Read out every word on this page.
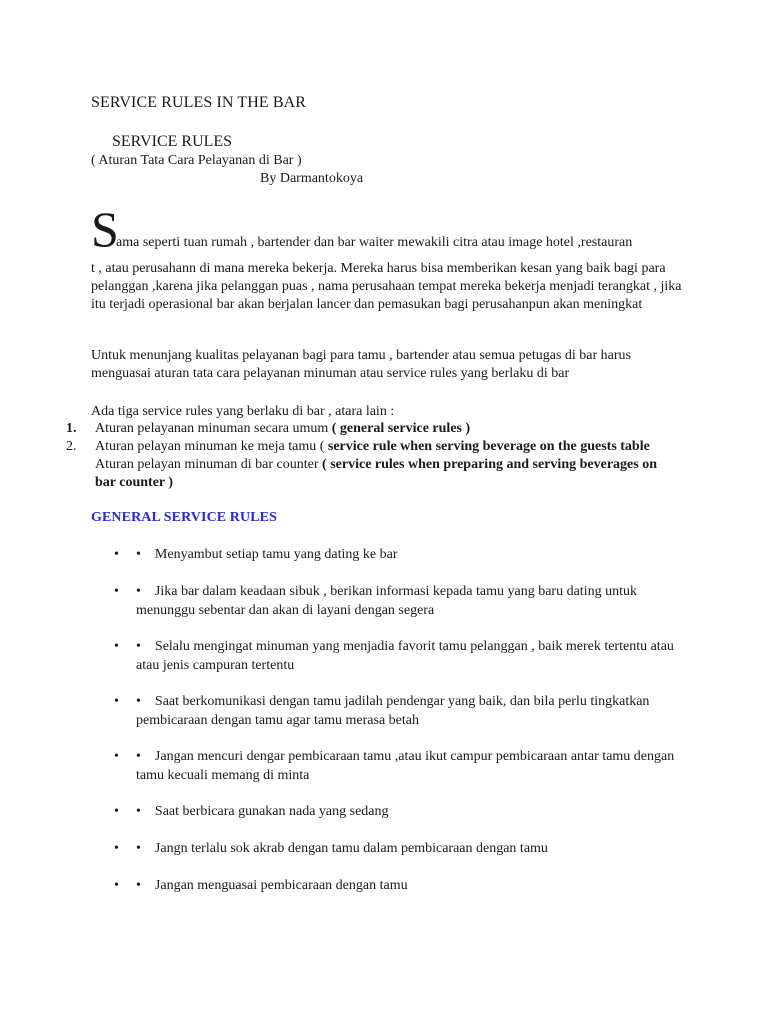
SERVICE RULES IN THE BAR
SERVICE RULES
( Aturan Tata Cara Pelayanan di Bar )
By Darmantokoya
S
ama seperti tuan rumah , bartender dan bar waiter mewakili citra atau image hotel ,restauran
t , atau perusahann di mana mereka bekerja. Mereka harus bisa memberikan kesan yang baik bagi para pelanggan ,karena jika pelanggan puas , nama perusahaan tempat mereka bekerja menjadi terangkat , jika itu terjadi operasional bar akan berjalan lancer dan pemasukan bagi perusahanpun akan meningkat
Untuk menunjang kualitas pelayanan bagi para tamu , bartender atau semua petugas di bar harus menguasai aturan tata cara pelayanan minuman atau service rules yang berlaku di bar
Ada tiga service rules yang berlaku di bar , atara lain :
1. Aturan pelayanan minuman secara umum ( general service rules )
2. Aturan pelayan minuman ke meja tamu ( service rule when serving beverage on the guests table Aturan pelayan minuman di bar counter ( service rules when preparing and serving beverages on bar counter )
GENERAL SERVICE RULES
•	• Menyambut setiap tamu yang dating ke bar
•	• Jika bar dalam keadaan sibuk , berikan informasi kepada tamu yang baru dating untuk menunggu sebentar dan akan di layani dengan segera
•	• Selalu mengingat minuman yang menjadia favorit tamu pelanggan , baik merek tertentu atau atau jenis campuran tertentu
•	• Saat berkomunikasi dengan tamu jadilah pendengar yang baik, dan bila perlu tingkatkan pembicaraan dengan tamu agar tamu merasa betah
•	• Jangan mencuri dengar pembicaraan tamu ,atau ikut campur pembicaraan antar tamu dengan tamu kecuali memang di minta
•	• Saat berbicara gunakan nada yang sedang
•	• Jangn terlalu sok akrab dengan tamu dalam pembicaraan dengan tamu
•	• Jangan menguasai pembicaraan dengan tamu
